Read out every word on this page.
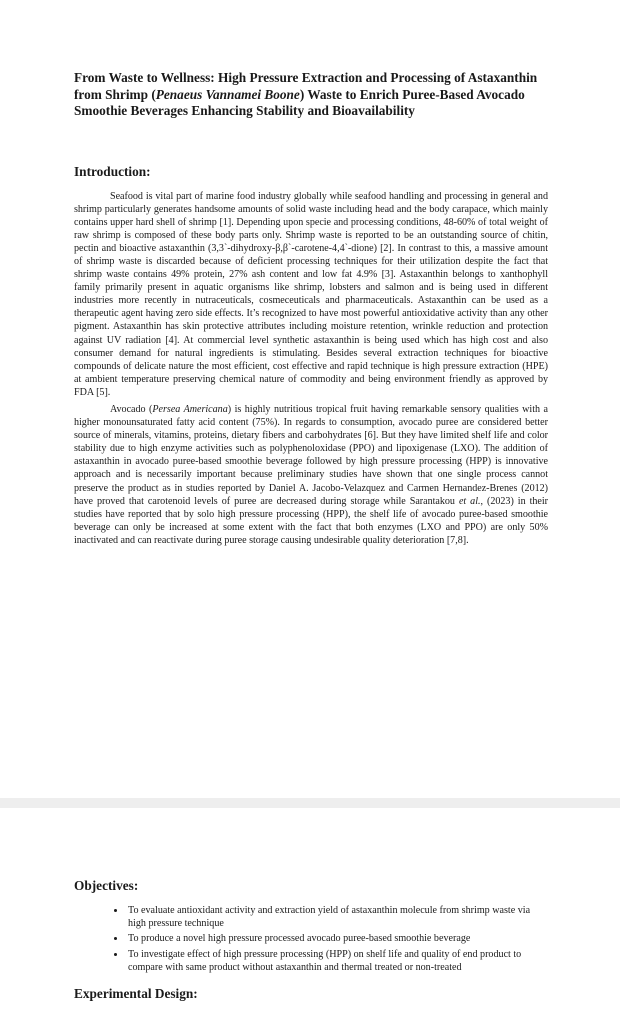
From Waste to Wellness: High Pressure Extraction and Processing of Astaxanthin from Shrimp (Penaeus Vannamei Boone) Waste to Enrich Puree-Based Avocado Smoothie Beverages Enhancing Stability and Bioavailability
Introduction:

Seafood is vital part of marine food industry globally while seafood handling and processing in general and shrimp particularly generates handsome amounts of solid waste including head and the body carapace, which mainly contains upper hard shell of shrimp [1]. Depending upon specie and processing conditions, 48-60% of total weight of raw shrimp is composed of these body parts only. Shrimp waste is reported to be an outstanding source of chitin, pectin and bioactive astaxanthin (3,3`-dihydroxy-β,β`-carotene-4,4`-dione) [2]. In contrast to this, a massive amount of shrimp waste is discarded because of deficient processing techniques for their utilization despite the fact that shrimp waste contains 49% protein, 27% ash content and low fat 4.9% [3]. Astaxanthin belongs to xanthophyll family primarily present in aquatic organisms like shrimp, lobsters and salmon and is being used in different industries more recently in nutraceuticals, cosmeceuticals and pharmaceuticals. Astaxanthin can be used as a therapeutic agent having zero side effects. It’s recognized to have most powerful antioxidative activity than any other pigment. Astaxanthin has skin protective attributes including moisture retention, wrinkle reduction and protection against UV radiation [4]. At commercial level synthetic astaxanthin is being used which has high cost and also consumer demand for natural ingredients is stimulating. Besides several extraction techniques for bioactive compounds of delicate nature the most efficient, cost effective and rapid technique is high pressure extraction (HPE) at ambient temperature preserving chemical nature of commodity and being environment friendly as approved by FDA [5].

Avocado (Persea Americana) is highly nutritious tropical fruit having remarkable sensory qualities with a higher monounsaturated fatty acid content (75%). In regards to consumption, avocado puree are considered better source of minerals, vitamins, proteins, dietary fibers and carbohydrates [6]. But they have limited shelf life and color stability due to high enzyme activities such as polyphenoloxidase (PPO) and lipoxigenase (LXO). The addition of astaxanthin in avocado puree-based smoothie beverage followed by high pressure processing (HPP) is innovative approach and is necessarily important because preliminary studies have shown that one single process cannot preserve the product as in studies reported by Daniel A. Jacobo-Velazquez and Carmen Hernandez-Brenes (2012) have proved that carotenoid levels of puree are decreased during storage while Sarantakou et al., (2023) in their studies have reported that by solo high pressure processing (HPP), the shelf life of avocado puree-based smoothie beverage can only be increased at some extent with the fact that both enzymes (LXO and PPO) are only 50% inactivated and can reactivate during puree storage causing undesirable quality deterioration [7,8].

Objectives:
• To evaluate antioxidant activity and extraction yield of astaxanthin molecule from shrimp waste via high pressure technique
• To produce a novel high pressure processed avocado puree-based smoothie beverage
• To investigate effect of high pressure processing (HPP) on shelf life and quality of end product to compare with same product without astaxanthin and thermal treated or non-treated
Experimental Design:
